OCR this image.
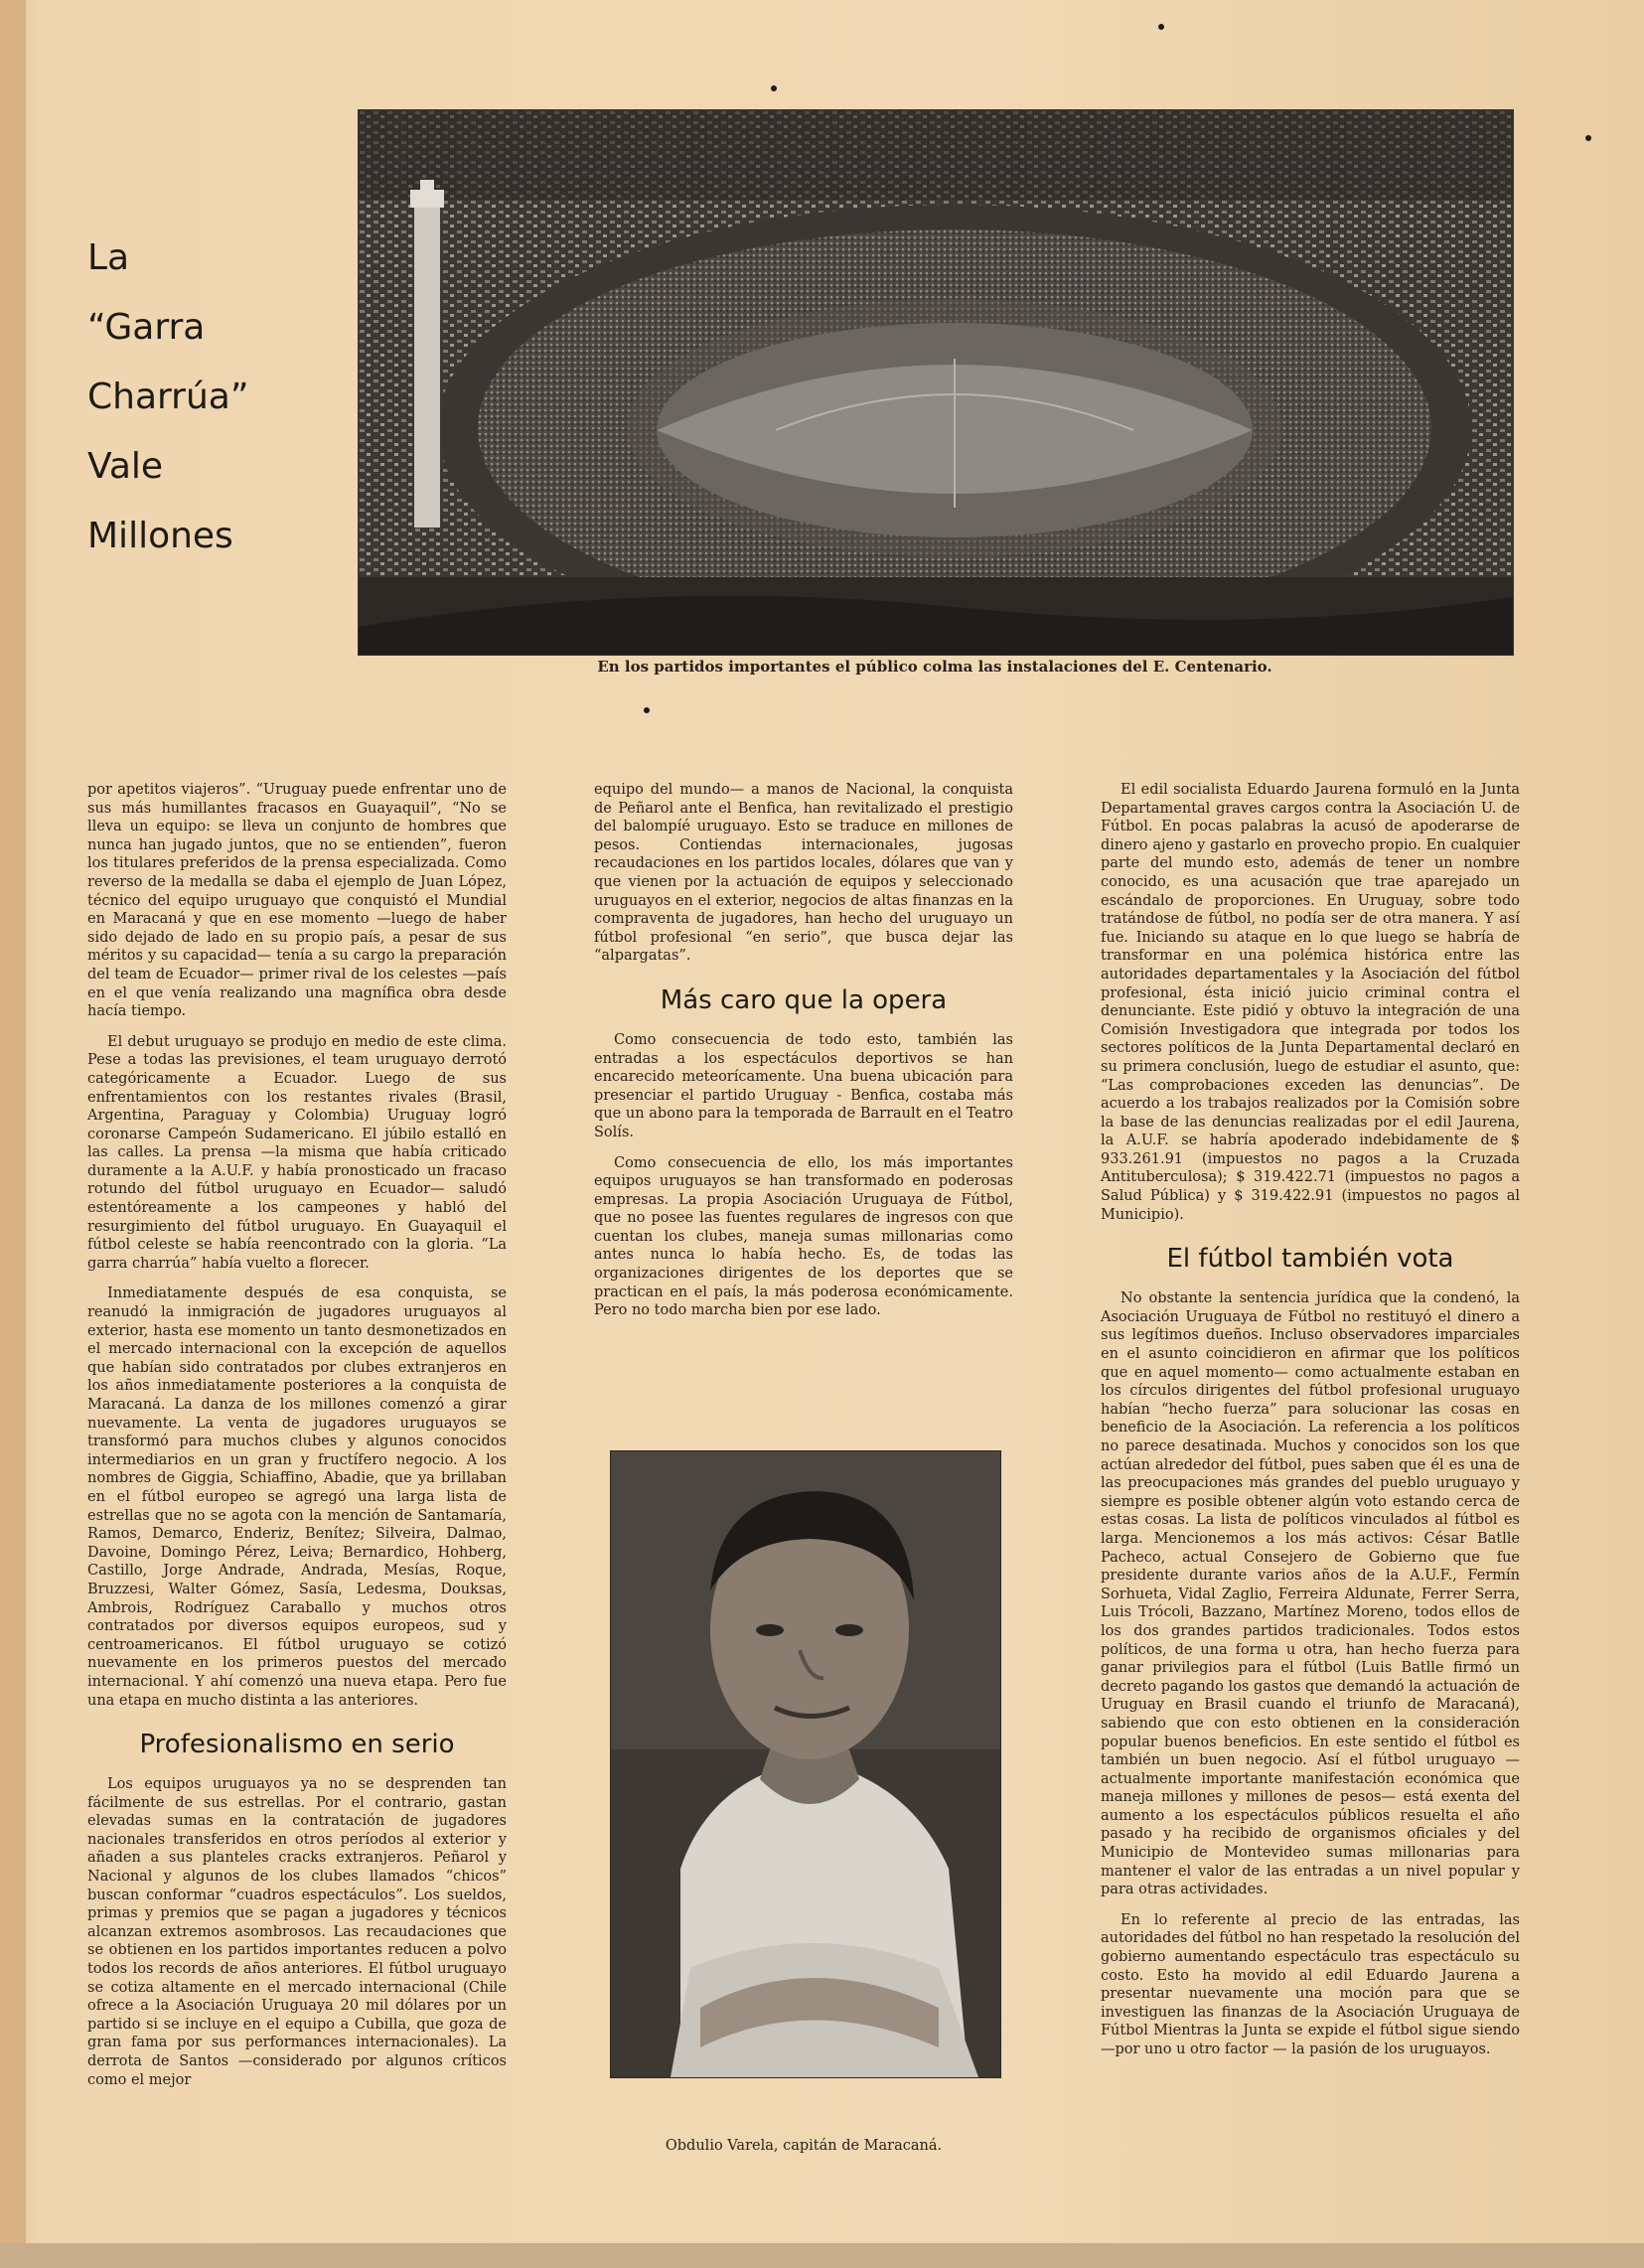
La
“Garra
Charrúa”
Vale
Millones
En los partidos importantes el público colma las instalaciones del E. Centenario.

por apetitos viajeros”. “Uruguay puede enfrentar uno de sus más humillantes fracasos en Guayaquil”, “No se lleva un equipo: se lleva un conjunto de hombres que nunca han jugado juntos, que no se entienden”, fueron los titulares preferidos de la prensa especializada. Como reverso de la medalla se daba el ejemplo de Juan López, técnico del equipo uruguayo que conquistó el Mundial en Maracaná y que en ese momento —luego de haber sido dejado de lado en su propio país, a pesar de sus méritos y su capacidad— tenía a su cargo la preparación del team de Ecuador— primer rival de los celestes —país en el que venía realizando una magnífica obra desde hacía tiempo.

El debut uruguayo se produjo en medio de este clima. Pese a todas las previsiones, el team uruguayo derrotó categóricamente a Ecuador. Luego de sus enfrentamientos con los restantes rivales (Brasil, Argentina, Paraguay y Colombia) Uruguay logró coronarse Campeón Sudamericano. El júbilo estalló en las calles. La prensa —la misma que había criticado duramente a la A.U.F. y había pronosticado un fracaso rotundo del fútbol uruguayo en Ecuador— saludó estentóreamente a los campeones y habló del resurgimiento del fútbol uruguayo. En Guayaquil el fútbol celeste se había reencontrado con la gloria. “La garra charrúa” había vuelto a florecer.

Inmediatamente después de esa conquista, se reanudó la inmigración de jugadores uruguayos al exterior, hasta ese momento un tanto desmonetizados en el mercado internacional con la excepción de aquellos que habían sido contratados por clubes extranjeros en los años inmediatamente posteriores a la conquista de Maracaná. La danza de los millones comenzó a girar nuevamente. La venta de jugadores uruguayos se transformó para muchos clubes y algunos conocidos intermediarios en un gran y fructífero negocio. A los nombres de Giggia, Schiaffino, Abadie, que ya brillaban en el fútbol europeo se agregó una larga lista de estrellas que no se agota con la mención de Santamaría, Ramos, Demarco, Enderiz, Benítez; Silveira, Dalmao, Davoine, Domingo Pérez, Leiva; Bernardico, Hohberg, Castillo, Jorge Andrade, Andrada, Mesías, Roque, Bruzzesi, Walter Gómez, Sasía, Ledesma, Douksas, Ambrois, Rodríguez Caraballo y muchos otros contratados por diversos equipos europeos, sud y centroamericanos. El fútbol uruguayo se cotizó nuevamente en los primeros puestos del mercado internacional. Y ahí comenzó una nueva etapa. Pero fue una etapa en mucho distinta a las anteriores.

Profesionalismo en serio

Los equipos uruguayos ya no se desprenden tan fácilmente de sus estrellas. Por el contrario, gastan elevadas sumas en la contratación de jugadores nacionales transferidos en otros períodos al exterior y añaden a sus planteles cracks extranjeros. Peñarol y Nacional y algunos de los clubes llamados “chicos” buscan conformar “cuadros espectáculos”. Los sueldos, primas y premios que se pagan a jugadores y técnicos alcanzan extremos asombrosos. Las recaudaciones que se obtienen en los partidos importantes reducen a polvo todos los records de años anteriores. El fútbol uruguayo se cotiza altamente en el mercado internacional (Chile ofrece a la Asociación Uruguaya 20 mil dólares por un partido si se incluye en el equipo a Cubilla, que goza de gran fama por sus performances internacionales). La derrota de Santos —considerado por algunos críticos como el mejor

equipo del mundo— a manos de Nacional, la conquista de Peñarol ante el Benfica, han revitalizado el prestigio del balompíé uruguayo. Esto se traduce en millones de pesos. Contiendas internacionales, jugosas recaudaciones en los partidos locales, dólares que van y que vienen por la actuación de equipos y seleccionado uruguayos en el exterior, negocios de altas finanzas en la compraventa de jugadores, han hecho del uruguayo un fútbol profesional “en serio”, que busca dejar las “alpargatas”.

Más caro que la opera

Como consecuencia de todo esto, también las entradas a los espectáculos deportivos se han encarecido meteorícamente. Una buena ubicación para presenciar el partido Uruguay - Benfica, costaba más que un abono para la temporada de Barrault en el Teatro Solís.

Como consecuencia de ello, los más importantes equipos uruguayos se han transformado en poderosas empresas. La propia Asociación Uruguaya de Fútbol, que no posee las fuentes regulares de ingresos con que cuentan los clubes, maneja sumas millonarias como antes nunca lo había hecho. Es, de todas las organizaciones dirigentes de los deportes que se practican en el país, la más poderosa económicamente. Pero no todo marcha bien por ese lado.

Obdulio Varela, capitán de Maracaná.

El edil socialista Eduardo Jaurena formuló en la Junta Departamental graves cargos contra la Asociación U. de Fútbol. En pocas palabras la acusó de apoderarse de dinero ajeno y gastarlo en provecho propio. En cualquier parte del mundo esto, además de tener un nombre conocido, es una acusación que trae aparejado un escándalo de proporciones. En Uruguay, sobre todo tratándose de fútbol, no podía ser de otra manera. Y así fue. Iniciando su ataque en lo que luego se habría de transformar en una polémica histórica entre las autoridades departamentales y la Asociación del fútbol profesional, ésta inició juicio criminal contra el denunciante. Este pidió y obtuvo la integración de una Comisión Investigadora que integrada por todos los sectores políticos de la Junta Departamental declaró en su primera conclusión, luego de estudiar el asunto, que: “Las comprobaciones exceden las denuncias”. De acuerdo a los trabajos realizados por la Comisión sobre la base de las denuncias realizadas por el edil Jaurena, la A.U.F. se habría apoderado indebidamente de $ 933.261.91 (impuestos no pagos a la Cruzada Antituberculosa); $ 319.422.71 (impuestos no pagos a Salud Pública) y $ 319.422.91 (impuestos no pagos al Municipio).

El fútbol también vota

No obstante la sentencia jurídica que la condenó, la Asociación Uruguaya de Fútbol no restituyó el dinero a sus legítimos dueños. Incluso observadores imparciales en el asunto coincidieron en afirmar que los políticos que en aquel momento— como actualmente estaban en los círculos dirigentes del fútbol profesional uruguayo habían “hecho fuerza” para solucionar las cosas en beneficio de la Asociación. La referencia a los políticos no parece desatinada. Muchos y conocidos son los que actúan alrededor del fútbol, pues saben que él es una de las preocupaciones más grandes del pueblo uruguayo y siempre es posible obtener algún voto estando cerca de estas cosas. La lista de políticos vinculados al fútbol es larga. Mencionemos a los más activos: César Batlle Pacheco, actual Consejero de Gobierno que fue presidente durante varios años de la A.U.F., Fermín Sorhueta, Vidal Zaglio, Ferreira Aldunate, Ferrer Serra, Luis Trócoli, Bazzano, Martínez Moreno, todos ellos de los dos grandes partidos tradicionales. Todos estos políticos, de una forma u otra, han hecho fuerza para ganar privilegios para el fútbol (Luis Batlle firmó un decreto pagando los gastos que demandó la actuación de Uruguay en Brasil cuando el triunfo de Maracaná), sabiendo que con esto obtienen en la consideración popular buenos beneficios. En este sentido el fútbol es también un buen negocio. Así el fútbol uruguayo —actualmente importante manifestación económica que maneja millones y millones de pesos— está exenta del aumento a los espectáculos públicos resuelta el año pasado y ha recibido de organismos oficiales y del Municipio de Montevideo sumas millonarias para mantener el valor de las entradas a un nivel popular y para otras actividades.

En lo referente al precio de las entradas, las autoridades del fútbol no han respetado la resolución del gobierno aumentando espectáculo tras espectáculo su costo. Esto ha movido al edil Eduardo Jaurena a presentar nuevamente una moción para que se investiguen las finanzas de la Asociación Uruguaya de Fútbol Mientras la Junta se expide el fútbol sigue siendo —por uno u otro factor — la pasión de los uruguayos.
